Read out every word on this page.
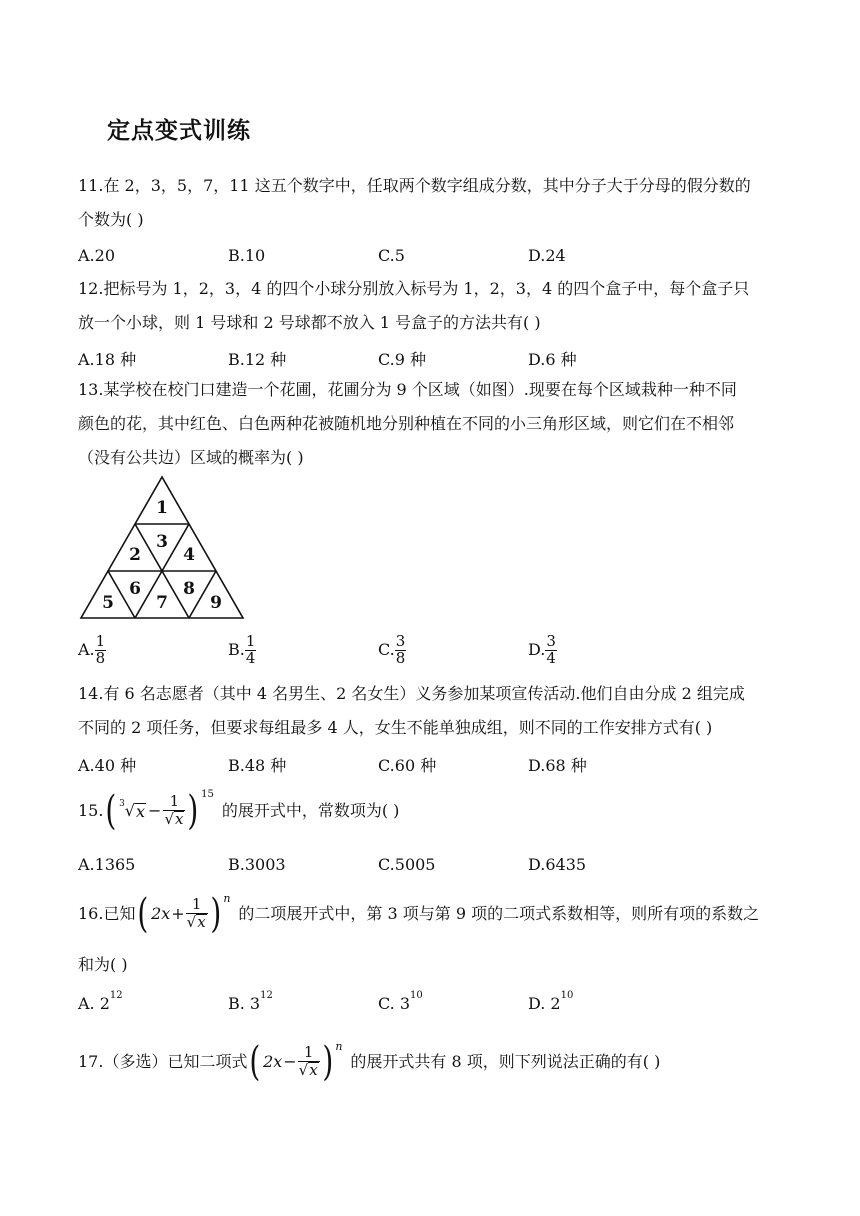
定点变式训练
11.在 2，3，5，7，11 这五个数字中，任取两个数字组成分数，其中分子大于分母的假分数的
个数为( )
A.20	B.10	C.5	D.24
12.把标号为 1，2，3，4 的四个小球分别放入标号为 1，2，3，4 的四个盒子中，每个盒子只
放一个小球，则 1 号球和 2 号球都不放入 1 号盒子的方法共有( )
A.18 种	B.12 种	C.9 种	D.6 种
13.某学校在校门口建造一个花圃，花圃分为 9 个区域（如图）.现要在每个区域栽种一种不同
颜色的花，其中红色、白色两种花被随机地分别种植在不同的小三角形区域，则它们在不相邻
（没有公共边）区域的概率为( )
1
2
3
4
5
6
7
8
9
A. $\frac{1}{8}$	B. $\frac{1}{4}$	C. $\frac{3}{8}$	D. $\frac{3}{4}$
14.有 6 名志愿者（其中 4 名男生、2 名女生）义务参加某项宣传活动.他们自由分成 2 组完成
不同的 2 项任务，但要求每组最多 4 人，女生不能单独成组，则不同的工作安排方式有( )
A.40 种	B.48 种	C.60 种	D.68 种
15. ( 3 √ $x - \frac{1}{√x}$ ) 15
的展开式中，常数项为( )
A.1365	B.3003	C.5005	D.6435
16.已知 ( $2x + \frac{1}{√x}$ ) n
的二项展开式中，第 3 项与第 9 项的二项式系数相等，则所有项的系数之
和为( )
A. $2^{12}$	B. $3^{12}$	C. $3^{10}$	D. $2^{10}$
17.（多选）已知二项式 ( $2x - \frac{1}{√x}$ ) n
的展开式共有 8 项，则下列说法正确的有( )
